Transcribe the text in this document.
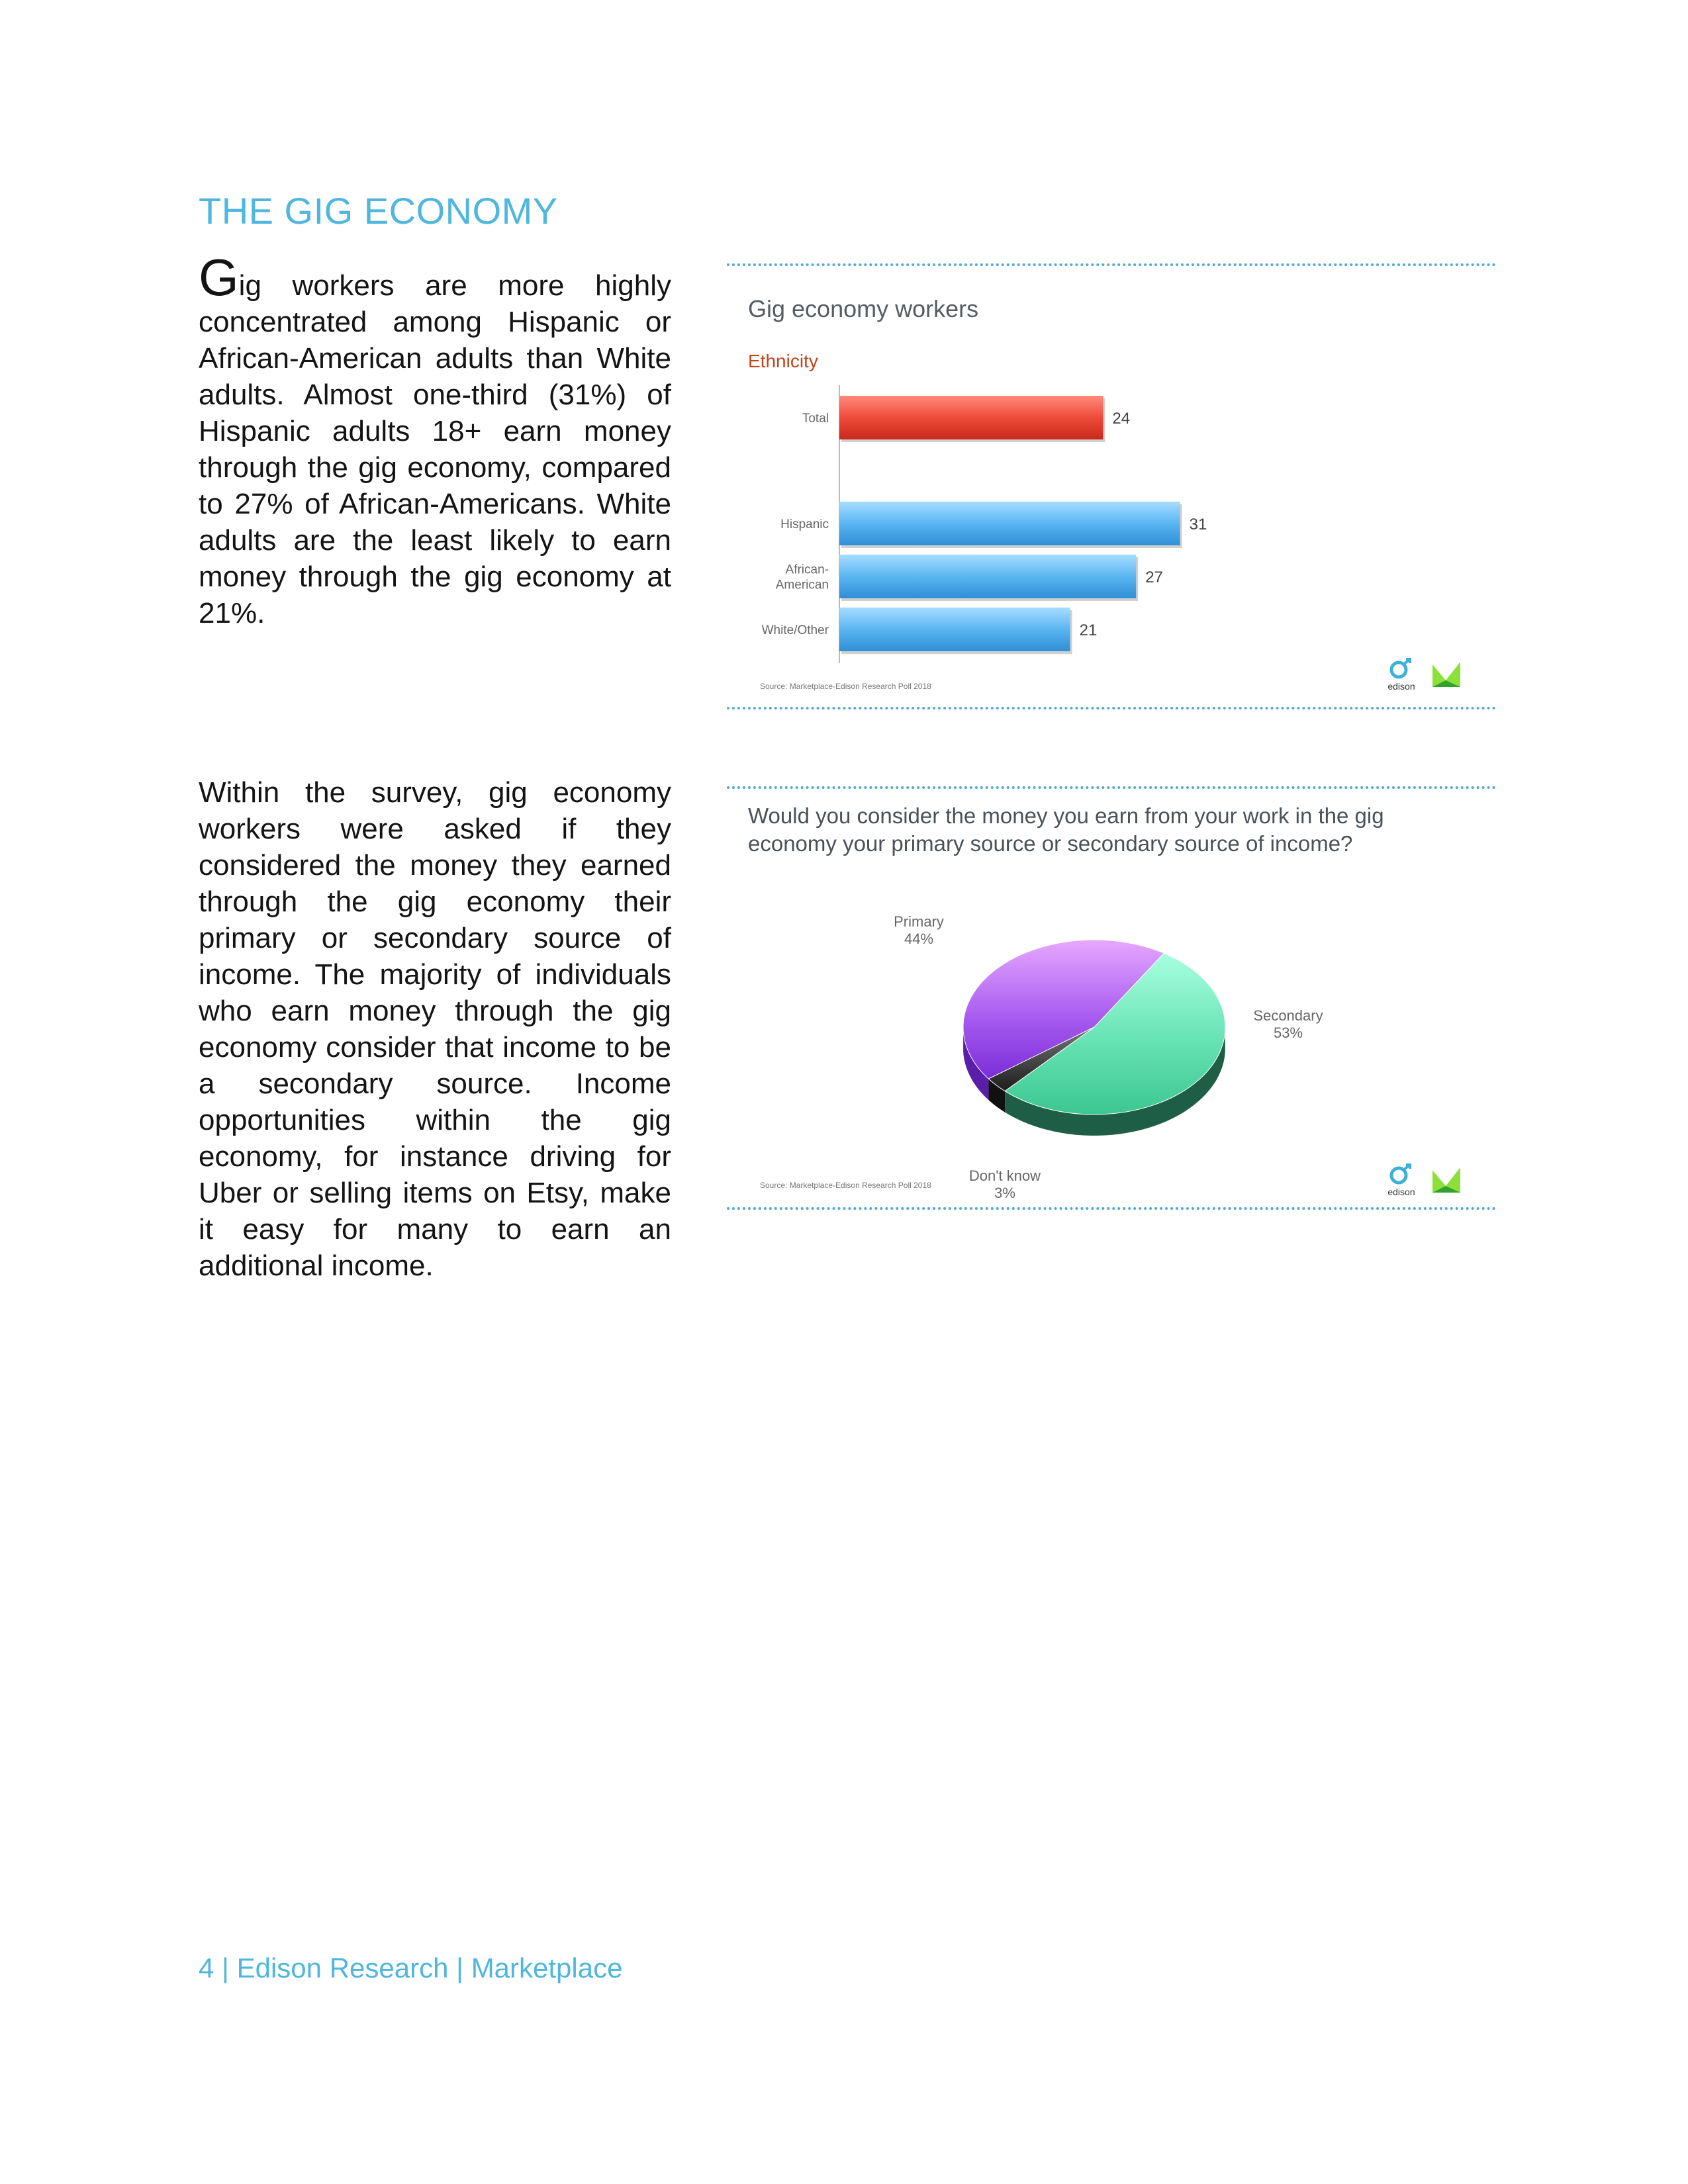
THE GIG ECONOMY
Gig workers are more highly concentrated among Hispanic or African-American adults than White adults. Almost one-third (31%) of Hispanic adults 18+ earn money through the gig economy, compared to 27% of African-Americans. White adults are the least likely to earn money through the gig economy at 21%.
Within the survey, gig economy workers were asked if they considered the money they earned through the gig economy their primary or secondary source of income. The majority of individuals who earn money through the gig economy consider that income to be a secondary source. Income opportunities within the gig economy, for instance driving for Uber or selling items on Etsy, make it easy for many to earn an additional income.
Gig economy workers
Ethnicity
24
Total
31
Hispanic
27
African-
American
21
White/Other
Source: Marketplace-Edison Research Poll 2018	edison
Would you consider the money you earn from your work in the gig economy your primary source or secondary source of income?
Primary
44%
Secondary
53%
Don't know
3%
Source: Marketplace-Edison Research Poll 2018
edison
4 | Edison Research | Marketplace
